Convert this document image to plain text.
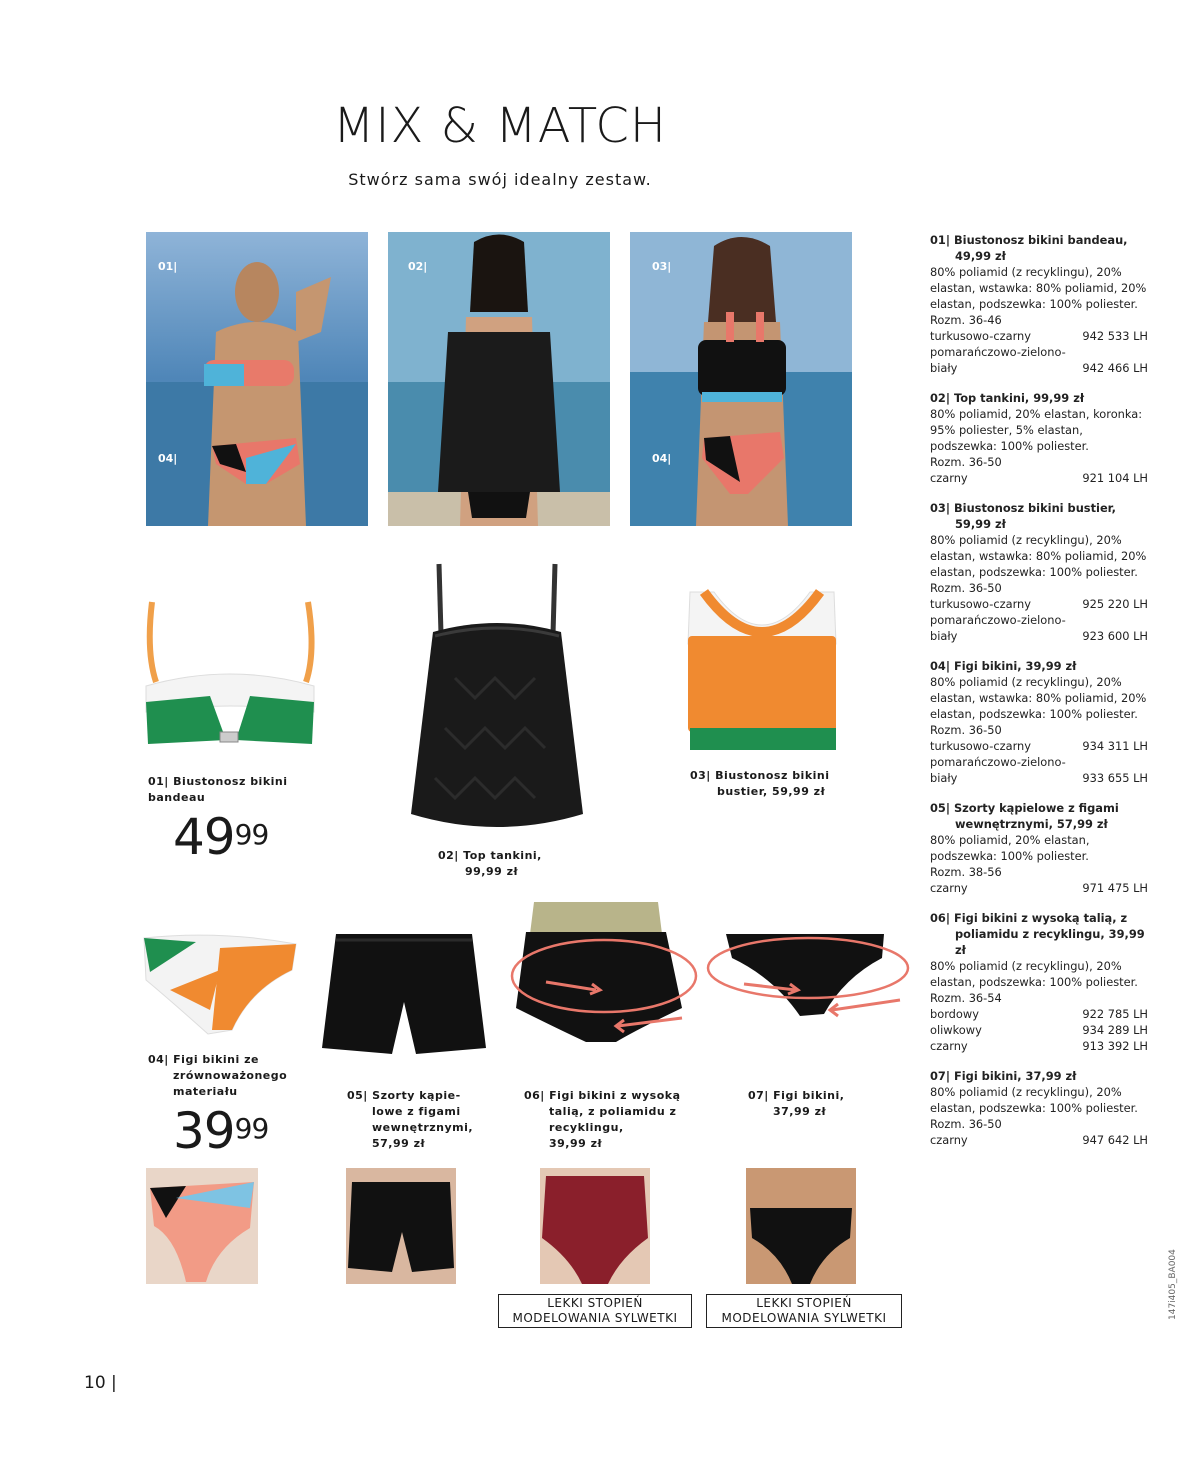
MIX & MATCH
Stwórz sama swój idealny zestaw.
01|
04|
02|	03|
04|
01| Biustonosz bikini bandeau
$49^{99}$
02| Top tankini,
99,99 zł
03| Biustonosz bikini
bustier, 59,99 zł
04| Figi bikini ze zrównoważonego materiału
$39^{99}$
05| Szorty kąpie- lowe z figami wewnętrznymi,
57,99 zł
06| Figi bikini z wysoką talią, z poliamidu z recyklingu,
39,99 zł
07| Figi bikini,
37,99 zł
LEKKI STOPIEŃ
MODELOWANIA SYLWETKI
LEKKI STOPIEŃ
MODELOWANIA SYLWETKI
01| Biustonosz bikini bandeau, 49,99 zł
80% poliamid (z recyklingu), 20% elastan, wstawka: 80% poliamid, 20% elastan, podszewka: 100% poliester.
Rozm. 36-46
turkusowo-czarny	942 533 LH
pomarańczowo-zielono-biały	942 466 LH
02| Top tankini, 99,99 zł
80% poliamid, 20% elastan, koronka: 95% poliester, 5% elastan, podszewka: 100% poliester.
Rozm. 36-50
czarny	921 104 LH
03| Biustonosz bikini bustier, 59,99 zł
80% poliamid (z recyklingu), 20% elastan, wstawka: 80% poliamid, 20% elastan, podszewka: 100% poliester.
Rozm. 36-50
turkusowo-czarny	925 220 LH
pomarańczowo-zielono-biały	923 600 LH
04| Figi bikini, 39,99 zł
80% poliamid (z recyklingu), 20% elastan, wstawka: 80% poliamid, 20% elastan, podszewka: 100% poliester.
Rozm. 36-50
turkusowo-czarny	934 311 LH
pomarańczowo-zielono-biały	933 655 LH
05| Szorty kąpielowe z figami wewnętrznymi, 57,99 zł
80% poliamid, 20% elastan, podszewka: 100% poliester.
Rozm. 38-56
czarny	971 475 LH
06| Figi bikini z wysoką talią, z poliamidu z recyklingu, 39,99 zł
80% poliamid (z recyklingu), 20% elastan, podszewka: 100% poliester.
Rozm. 36-54
bordowy	922 785 LH
oliwkowy	934 289 LH
czarny	913 392 LH
07| Figi bikini, 37,99 zł
80% poliamid (z recyklingu), 20% elastan, podszewka: 100% poliester.
Rozm. 36-50
czarny	947 642 LH
10 |
147i405_BA004
